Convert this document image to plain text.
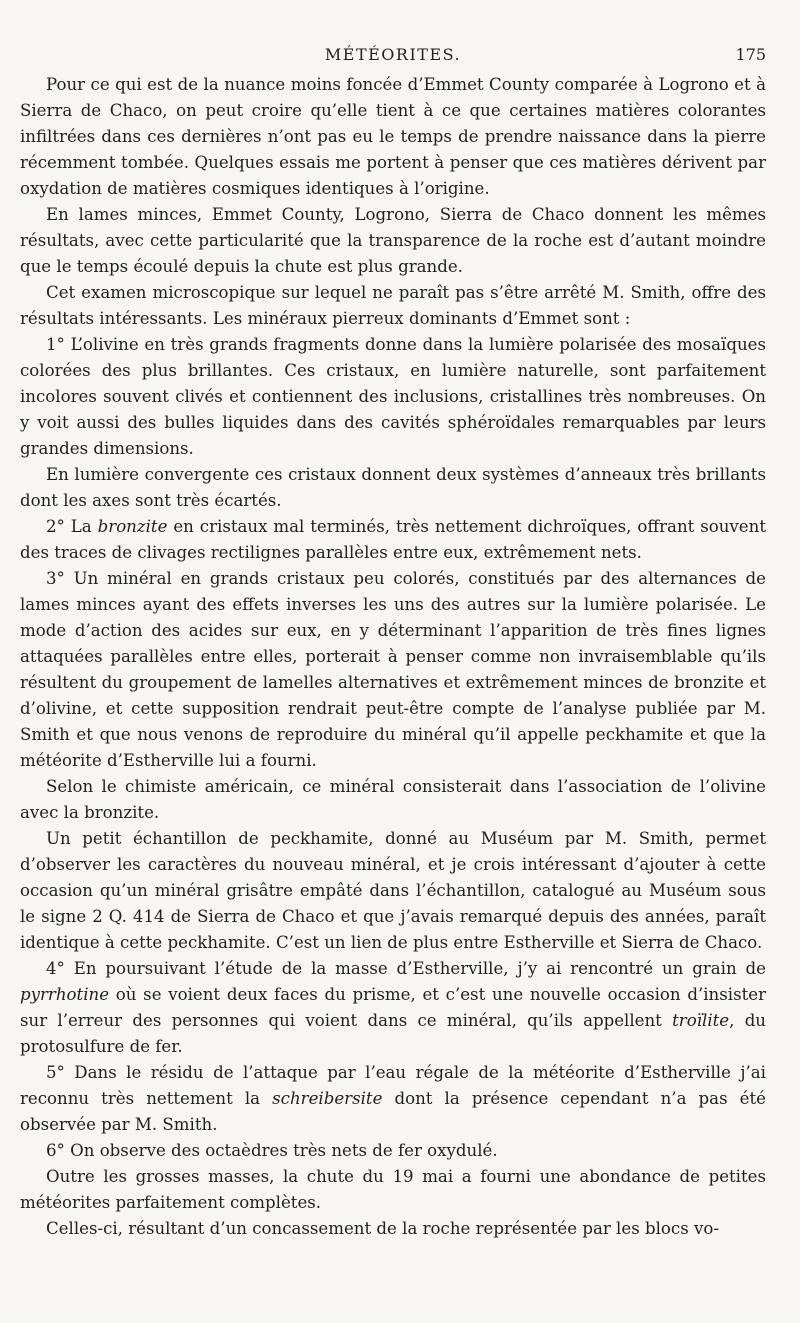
MÉTÉORITES.	175

Pour ce qui est de la nuance moins foncée d’Emmet County comparée à Logrono et à Sierra de Chaco, on peut croire qu’elle tient à ce que certaines matières colorantes infiltrées dans ces dernières n’ont pas eu le temps de prendre naissance dans la pierre récemment tombée. Quelques essais me portent à penser que ces matières dérivent par oxydation de matières cosmiques identiques à l’origine.

En lames minces, Emmet County, Logrono, Sierra de Chaco donnent les mêmes résultats, avec cette particularité que la transparence de la roche est d’autant moindre que le temps écoulé depuis la chute est plus grande.

Cet examen microscopique sur lequel ne paraît pas s’être arrêté M. Smith, offre des résultats intéressants. Les minéraux pierreux dominants d’Emmet sont :

1° L’olivine en très grands fragments donne dans la lumière polarisée des mosaïques colorées des plus brillantes. Ces cristaux, en lumière naturelle, sont parfaitement incolores souvent clivés et contiennent des inclusions, cristallines très nombreuses. On y voit aussi des bulles liquides dans des cavités sphéroïdales remarquables par leurs grandes dimensions.

En lumière convergente ces cristaux donnent deux systèmes d’anneaux très brillants dont les axes sont très écartés.

2° La bronzite en cristaux mal terminés, très nettement dichroïques, offrant souvent des traces de clivages rectilignes parallèles entre eux, extrêmement nets.

3° Un minéral en grands cristaux peu colorés, constitués par des alternances de lames minces ayant des effets inverses les uns des autres sur la lumière polarisée. Le mode d’action des acides sur eux, en y déterminant l’apparition de très fines lignes attaquées parallèles entre elles, porterait à penser comme non invraisemblable qu’ils résultent du groupement de lamelles alternatives et extrêmement minces de bronzite et d’olivine, et cette supposition rendrait peut-être compte de l’analyse publiée par M. Smith et que nous venons de reproduire du minéral qu’il appelle peckhamite et que la météorite d’Estherville lui a fourni.

Selon le chimiste américain, ce minéral consisterait dans l’association de l’olivine avec la bronzite.

Un petit échantillon de peckhamite, donné au Muséum par M. Smith, permet d’observer les caractères du nouveau minéral, et je crois intéressant d’ajouter à cette occasion qu’un minéral grisâtre empâté dans l’échantillon, catalogué au Muséum sous le signe 2 Q. 414 de Sierra de Chaco et que j’avais remarqué depuis des années, paraît identique à cette peckhamite. C’est un lien de plus entre Estherville et Sierra de Chaco.

4° En poursuivant l’étude de la masse d’Estherville, j’y ai rencontré un grain de pyrrhotine où se voient deux faces du prisme, et c’est une nouvelle occasion d’insister sur l’erreur des personnes qui voient dans ce minéral, qu’ils appellent troïlite, du protosulfure de fer.

5° Dans le résidu de l’attaque par l’eau régale de la météorite d’Estherville j’ai reconnu très nettement la schreibersite dont la présence cependant n’a pas été observée par M. Smith.

6° On observe des octaèdres très nets de fer oxydulé.

Outre les grosses masses, la chute du 19 mai a fourni une abondance de petites météorites parfaitement complètes.

Celles-ci, résultant d’un concassement de la roche représentée par les blocs vo-
